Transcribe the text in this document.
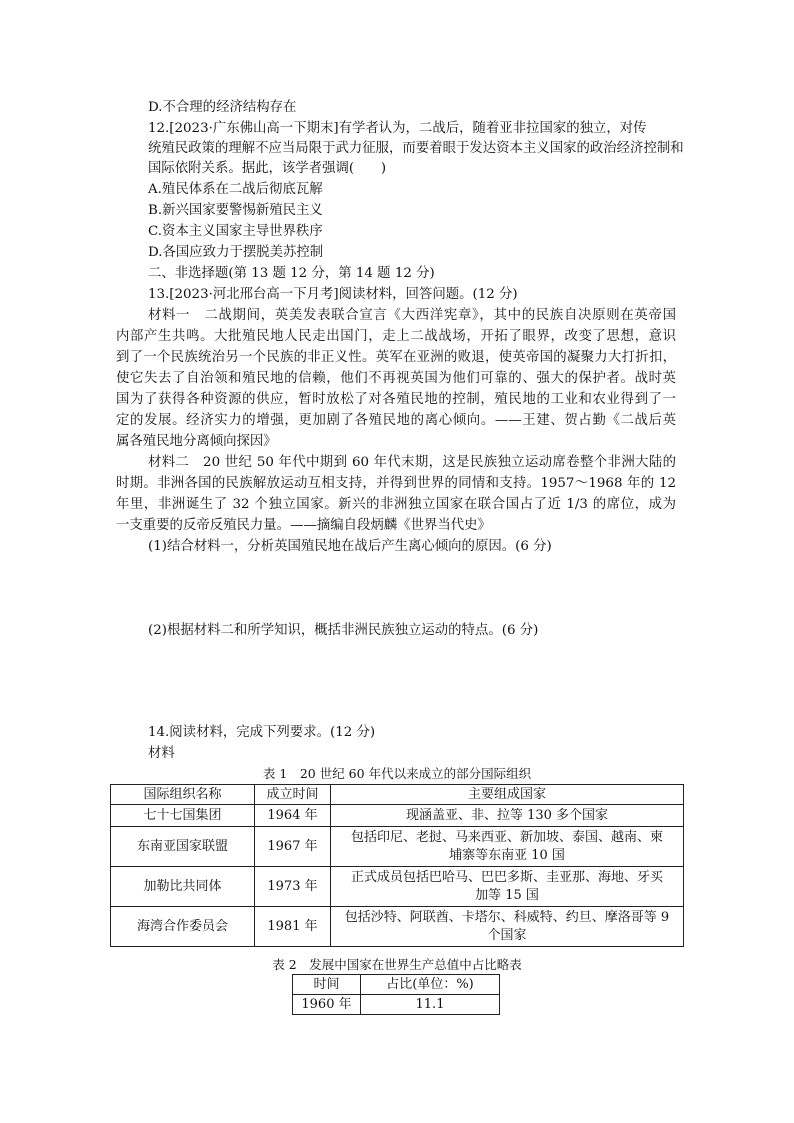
D.不合理的经济结构存在
12.[2023·广东佛山高一下期末]有学者认为，二战后，随着亚非拉国家的独立，对传
统殖民政策的理解不应当局限于武力征服，而要着眼于发达资本主义国家的政治经济控制和
国际依附关系。据此，该学者强调(　　)
A.殖民体系在二战后彻底瓦解
B.新兴国家要警惕新殖民主义
C.资本主义国家主导世界秩序
D.各国应致力于摆脱美苏控制
二、非选择题(第 13 题 12 分，第 14 题 12 分)
13.[2023·河北邢台高一下月考]阅读材料，回答问题。(12 分)
材料一　二战期间，英美发表联合宣言《大西洋宪章》，其中的民族自决原则在英帝国
内部产生共鸣。大批殖民地人民走出国门，走上二战战场，开拓了眼界，改变了思想，意识
到了一个民族统治另一个民族的非正义性。英军在亚洲的败退，使英帝国的凝聚力大打折扣，
使它失去了自治领和殖民地的信赖，他们不再视英国为他们可靠的、强大的保护者。战时英
国为了获得各种资源的供应，暂时放松了对各殖民地的控制，殖民地的工业和农业得到了一
定的发展。经济实力的增强，更加剧了各殖民地的离心倾向。——王建、贺占勤《二战后英
属各殖民地分离倾向探因》
材料二　20 世纪 50 年代中期到 60 年代末期，这是民族独立运动席卷整个非洲大陆的
时期。非洲各国的民族解放运动互相支持，并得到世界的同情和支持。1957～1968 年的 12
年里，非洲诞生了 32 个独立国家。新兴的非洲独立国家在联合国占了近 1/3 的席位，成为
一支重要的反帝反殖民力量。——摘编自段炳麟《世界当代史》
(1)结合材料一，分析英国殖民地在战后产生离心倾向的原因。(6 分)
(2)根据材料二和所学知识，概括非洲民族独立运动的特点。(6 分)
14.阅读材料，完成下列要求。(12 分)
材料
表 1　20 世纪 60 年代以来成立的部分国际组织
国际组织名称	成立时间	主要组成国家
七十七国集团	1964 年	现涵盖亚、非、拉等 130 多个国家
东南亚国家联盟	1967 年	包括印尼、老挝、马来西亚、新加坡、泰国、越南、柬
埔寨等东南亚 10 国
加勒比共同体	1973 年	正式成员包括巴哈马、巴巴多斯、圭亚那、海地、牙买
加等 15 国
海湾合作委员会	1981 年	包括沙特、阿联酋、卡塔尔、科威特、约旦、摩洛哥等 9
个国家
表 2　发展中国家在世界生产总值中占比略表
时间	占比(单位：%)
1960 年	11.1
